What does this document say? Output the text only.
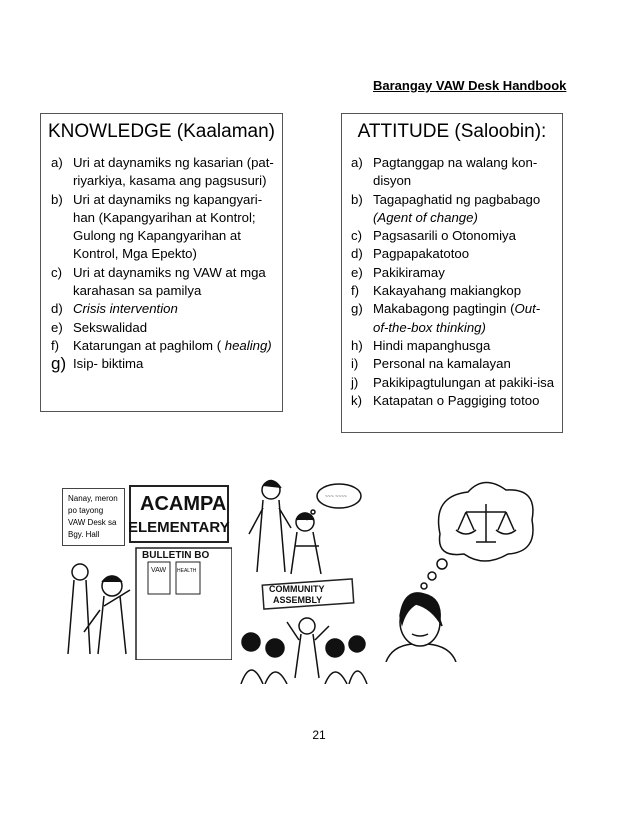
Barangay VAW Desk Handbook
KNOWLEDGE (Kaalaman)
a) Uri at daynamiks ng kasarian (pat-
riyarkiya, kasama ang pagsusuri)
b) Uri at daynamiks ng kapangyari-
han (Kapangyarihan at Kontrol;
Gulong ng Kapangyarihan at
Kontrol, Mga Epekto)
c) Uri at daynamiks ng VAW at mga
karahasan sa pamilya
d) Crisis intervention
e) Sekswalidad
f)	Katarungan at paghilom ( healing)
g) Isip- biktima
ATTITUDE (Saloobin):
a) Pagtanggap na walang kon-
disyon
b) Tagapaghatid ng pagbabago
(Agent of change)
c) Pagsasarili o Otonomiya
d) Pagpapakatotoo
e) Pakikiramay
f)	Kakayahang makiangkop
g) Makabagong pagtingin (Out-
of-the-box thinking)
h) Hindi mapanghusga
i)	Personal na kamalayan
j)	Pakikipagtulungan at pakiki-isa
k) Katapatan o Paggiging totoo
ACAMPA
ELEMENTARY
BULLETIN BO
VAW HEALTH
Nanay, meron
po tayong
VAW Desk sa
Bgy. Hall
~~~ ~~~~
COMMUNITY
ASSEMBLY
21
